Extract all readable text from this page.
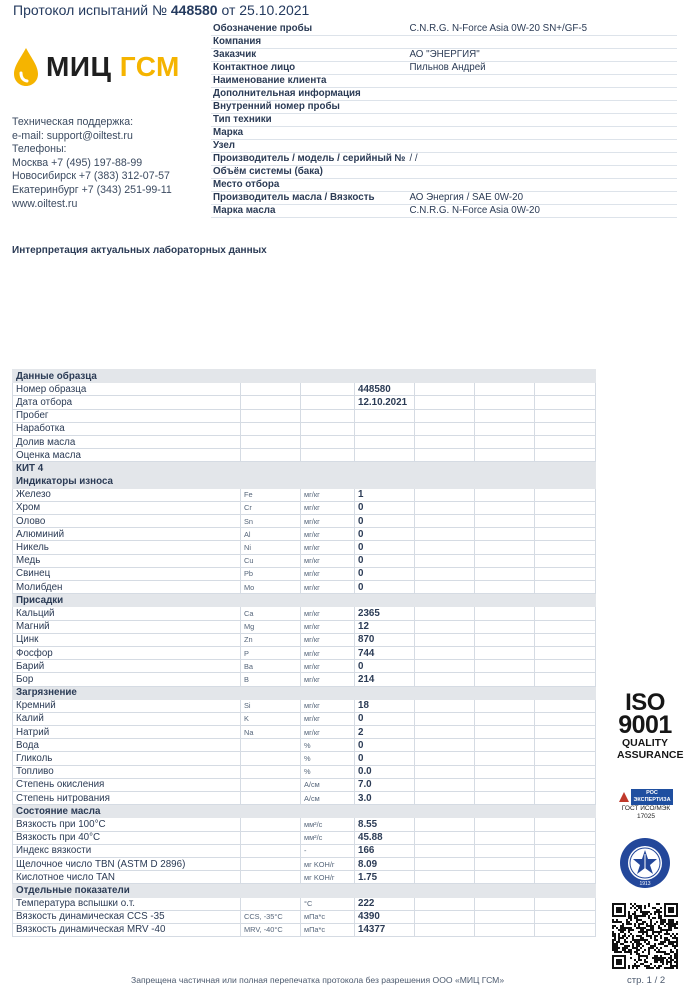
Протокол испытаний № 448580 от 25.10.2021
МИЦ ГСМ
Техническая поддержка:
e-mail: support@oiltest.ru
Телефоны:
Москва +7 (495) 197-88-99
Новосибирск +7 (383) 312-07-57
Екатеринбург +7 (343) 251-99-11
www.oiltest.ru
Обозначение пробы	C.N.R.G. N-Force Asia 0W-20 SN+/GF-5
Компания	
Заказчик	АО "ЭНЕРГИЯ"
Контактное лицо	Пильнов Андрей
Наименование клиента	
Дополнительная информация	
Внутренний номер пробы	
Тип техники	
Марка	
Узел	
Производитель / модель / серийный №	/ /
Объём системы (бака)	
Место отбора	
Производитель масла / Вязкость	АО Энергия / SAE 0W-20
Марка масла	C.N.R.G. N-Force Asia 0W-20
Интерпретация актуальных лабораторных данных
Данные образца						
Номер образца			448580			
Дата отбора			12.10.2021			
Пробег						
Наработка						
Долив масла						
Оценка масла						
КИТ 4						
Индикаторы износа						
Железо	Fe	мг/кг	1			
Хром	Cr	мг/кг	0			
Олово	Sn	мг/кг	0			
Алюминий	Al	мг/кг	0			
Никель	Ni	мг/кг	0			
Медь	Cu	мг/кг	0			
Свинец	Pb	мг/кг	0			
Молибден	Mo	мг/кг	0			
Присадки						
Кальций	Ca	мг/кг	2365			
Магний	Mg	мг/кг	12			
Цинк	Zn	мг/кг	870			
Фосфор	P	мг/кг	744			
Барий	Ba	мг/кг	0			
Бор	B	мг/кг	214			
Загрязнение						
Кремний	Si	мг/кг	18			
Калий	K	мг/кг	0			
Натрий	Na	мг/кг	2			
Вода		%	0			
Гликоль		%	0			
Топливо		%	0.0			
Степень окисления		А/см	7.0			
Степень нитрования		А/см	3.0			
Состояние масла						
Вязкость при 100°C		мм²/с	8.55			
Вязкость при 40°C		мм²/с	45.88			
Индекс вязкости		-	166			
Щелочное число TBN (ASTM D 2896)		мг KOH/г	8.09			
Кислотное число TAN		мг KOH/г	1.75			
Отдельные показатели						
Температура вспышки о.т.		°C	222			
Вязкость динамическая CCS -35	CCS, -35°C	мПа*с	4390			
Вязкость динамическая MRV -40	MRV, -40°C	мПа*с	14377			
ISO
9001
QUALITY
ASSURANCE
РОС
ЭКСПЕРТИЗА
ГОСТ ИСО/МЭК
17025
1913
Запрещена частичная или полная перепечатка протокола без разрешения ООО «МИЦ ГСМ»	стр. 1 / 2
